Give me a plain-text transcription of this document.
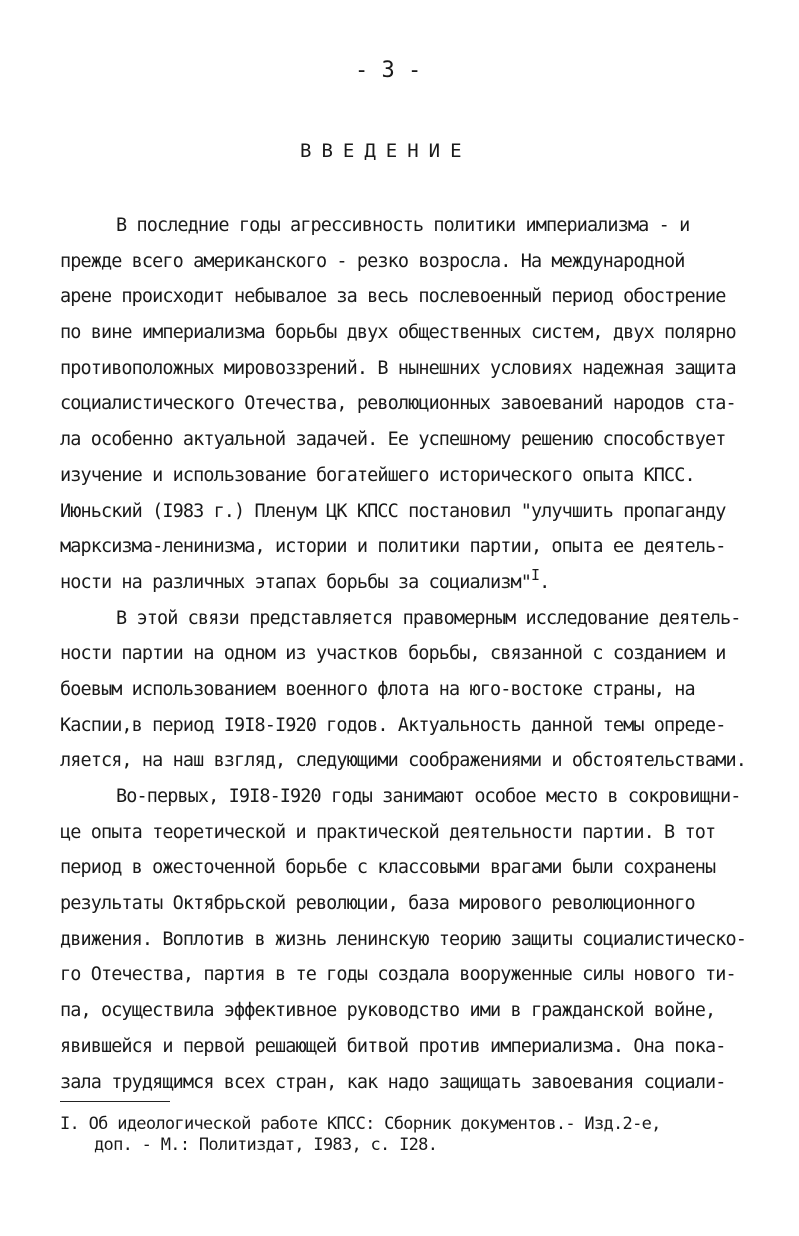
- 3 -
ВВЕДЕНИЕ
В последние годы агрессивность политики империализма - и
прежде всего американского - резко возросла. На международной
арене происходит небывалое за весь послевоенный период обострение
по вине империализма борьбы двух общественных систем, двух полярно
противоположных мировоззрений. В нынешних условиях надежная защита
социалистического Отечества, революционных завоеваний народов ста-
ла особенно актуальной задачей. Ее успешному решению способствует
изучение и использование богатейшего исторического опыта КПСС.
Июньский (I983 г.) Пленум ЦК КПСС постановил "улучшить пропаганду
марксизма-ленинизма, истории и политики партии, опыта ее деятель-
ности на различных этапах борьбы за социализм"$^I$.
В этой связи представляется правомерным исследование деятель-
ности партии на одном из участков борьбы, связанной с созданием и
боевым использованием военного флота на юго-востоке страны, на
Каспии,в период I9I8-I920 годов. Актуальность данной темы опреде-
ляется, на наш взгляд, следующими соображениями и обстоятельствами.
Во-первых, I9I8-I920 годы занимают особое место в сокровищни-
це опыта теоретической и практической деятельности партии. В тот
период в ожесточенной борьбе с классовыми врагами были сохранены
результаты Октябрьской революции, база мирового революционного
движения. Воплотив в жизнь ленинскую теорию защиты социалистическо-
го Отечества, партия в те годы создала вооруженные силы нового ти-
па, осуществила эффективное руководство ими в гражданской войне,
явившейся и первой решающей битвой против империализма. Она пока-
зала трудящимся всех стран, как надо защищать завоевания социали-
I. Об идеологической работе КПСС: Сборник документов.- Изд.2-е,
доп. - М.: Политиздат, I983, с. I28.
